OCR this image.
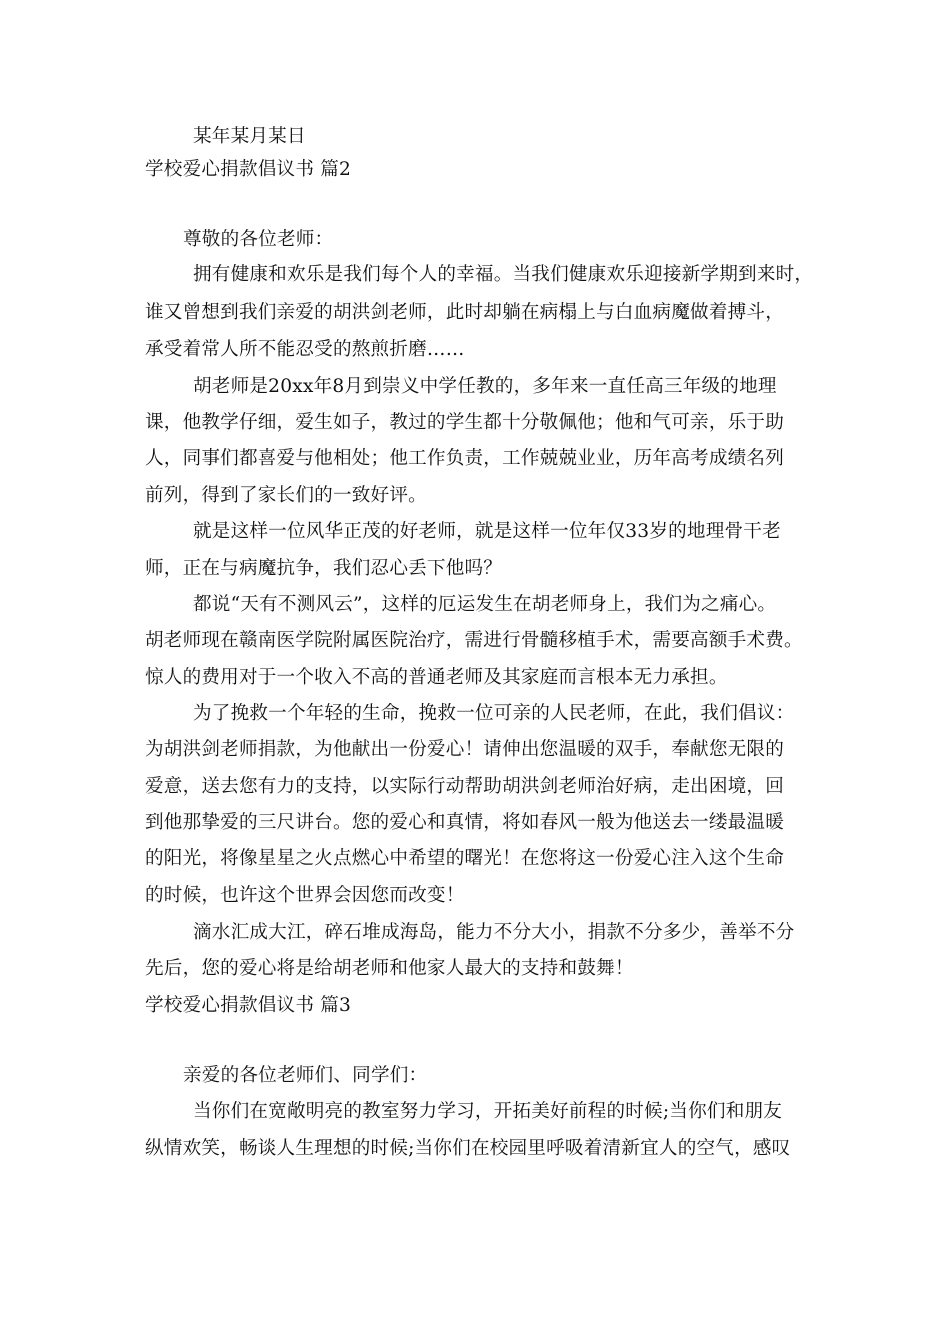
某年某月某日
学校爱心捐款倡议书 篇2
尊敬的各位老师：
拥有健康和欢乐是我们每个人的幸福。当我们健康欢乐迎接新学期到来时，
谁又曾想到我们亲爱的胡洪剑老师，此时却躺在病榻上与白血病魔做着搏斗，
承受着常人所不能忍受的熬煎折磨……
胡老师是20xx年8月到崇义中学任教的，多年来一直任高三年级的地理
课，他教学仔细，爱生如子，教过的学生都十分敬佩他；他和气可亲，乐于助
人，同事们都喜爱与他相处；他工作负责，工作兢兢业业，历年高考成绩名列
前列，得到了家长们的一致好评。
就是这样一位风华正茂的好老师，就是这样一位年仅33岁的地理骨干老
师，正在与病魔抗争，我们忍心丢下他吗？
都说“天有不测风云”，这样的厄运发生在胡老师身上，我们为之痛心。
胡老师现在赣南医学院附属医院治疗，需进行骨髓移植手术，需要高额手术费。
惊人的费用对于一个收入不高的普通老师及其家庭而言根本无力承担。
为了挽救一个年轻的生命，挽救一位可亲的人民老师，在此，我们倡议：
为胡洪剑老师捐款，为他献出一份爱心！请伸出您温暖的双手，奉献您无限的
爱意，送去您有力的支持，以实际行动帮助胡洪剑老师治好病，走出困境，回
到他那挚爱的三尺讲台。您的爱心和真情，将如春风一般为他送去一缕最温暖
的阳光，将像星星之火点燃心中希望的曙光！在您将这一份爱心注入这个生命
的时候，也许这个世界会因您而改变！
滴水汇成大江，碎石堆成海岛，能力不分大小，捐款不分多少，善举不分
先后，您的爱心将是给胡老师和他家人最大的支持和鼓舞！
学校爱心捐款倡议书 篇3
亲爱的各位老师们、同学们：
当你们在宽敞明亮的教室努力学习，开拓美好前程的时候;当你们和朋友
纵情欢笑，畅谈人生理想的时候;当你们在校园里呼吸着清新宜人的空气，感叹
